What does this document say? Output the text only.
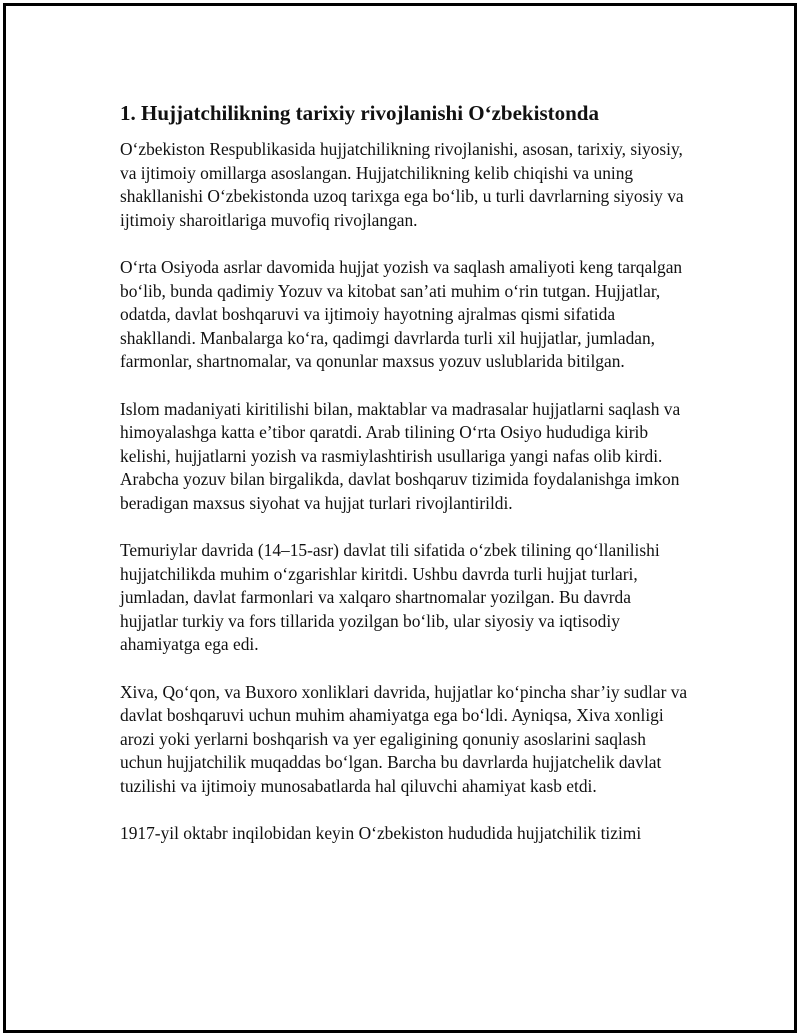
1. Hujjatchilikning tarixiy rivojlanishi O‘zbekistonda

O‘zbekiston Respublikasida hujjatchilikning rivojlanishi, asosan, tarixiy, siyosiy, va ijtimoiy omillarga asoslangan. Hujjatchilikning kelib chiqishi va uning shakllanishi O‘zbekistonda uzoq tarixga ega bo‘lib, u turli davrlarning siyosiy va ijtimoiy sharoitlariga muvofiq rivojlangan.

O‘rta Osiyoda asrlar davomida hujjat yozish va saqlash amaliyoti keng tarqalgan bo‘lib, bunda qadimiy Yozuv va kitobat san’ati muhim o‘rin tutgan. Hujjatlar, odatda, davlat boshqaruvi va ijtimoiy hayotning ajralmas qismi sifatida shakllandi. Manbalarga ko‘ra, qadimgi davrlarda turli xil hujjatlar, jumladan, farmonlar, shartnomalar, va qonunlar maxsus yozuv uslublarida bitilgan.

Islom madaniyati kiritilishi bilan, maktablar va madrasalar hujjatlarni saqlash va himoyalashga katta e’tibor qaratdi. Arab tilining O‘rta Osiyo hududiga kirib kelishi, hujjatlarni yozish va rasmiylashtirish usullariga yangi nafas olib kirdi. Arabcha yozuv bilan birgalikda, davlat boshqaruv tizimida foydalanishga imkon beradigan maxsus siyohat va hujjat turlari rivojlantirildi.

Temuriylar davrida (14–15-asr) davlat tili sifatida o‘zbek tilining qo‘llanilishi hujjatchilikda muhim o‘zgarishlar kiritdi. Ushbu davrda turli hujjat turlari, jumladan, davlat farmonlari va xalqaro shartnomalar yozilgan. Bu davrda hujjatlar turkiy va fors tillarida yozilgan bo‘lib, ular siyosiy va iqtisodiy ahamiyatga ega edi.

Xiva, Qo‘qon, va Buxoro xonliklari davrida, hujjatlar ko‘pincha shar’iy sudlar va davlat boshqaruvi uchun muhim ahamiyatga ega bo‘ldi. Ayniqsa, Xiva xonligi arozi yoki yerlarni boshqarish va yer egaligining qonuniy asoslarini saqlash uchun hujjatchilik muqaddas bo‘lgan. Barcha bu davrlarda hujjatchelik davlat tuzilishi va ijtimoiy munosabatlarda hal qiluvchi ahamiyat kasb etdi.

1917-yil oktabr inqilobidan keyin O‘zbekiston hududida hujjatchilik tizimi
